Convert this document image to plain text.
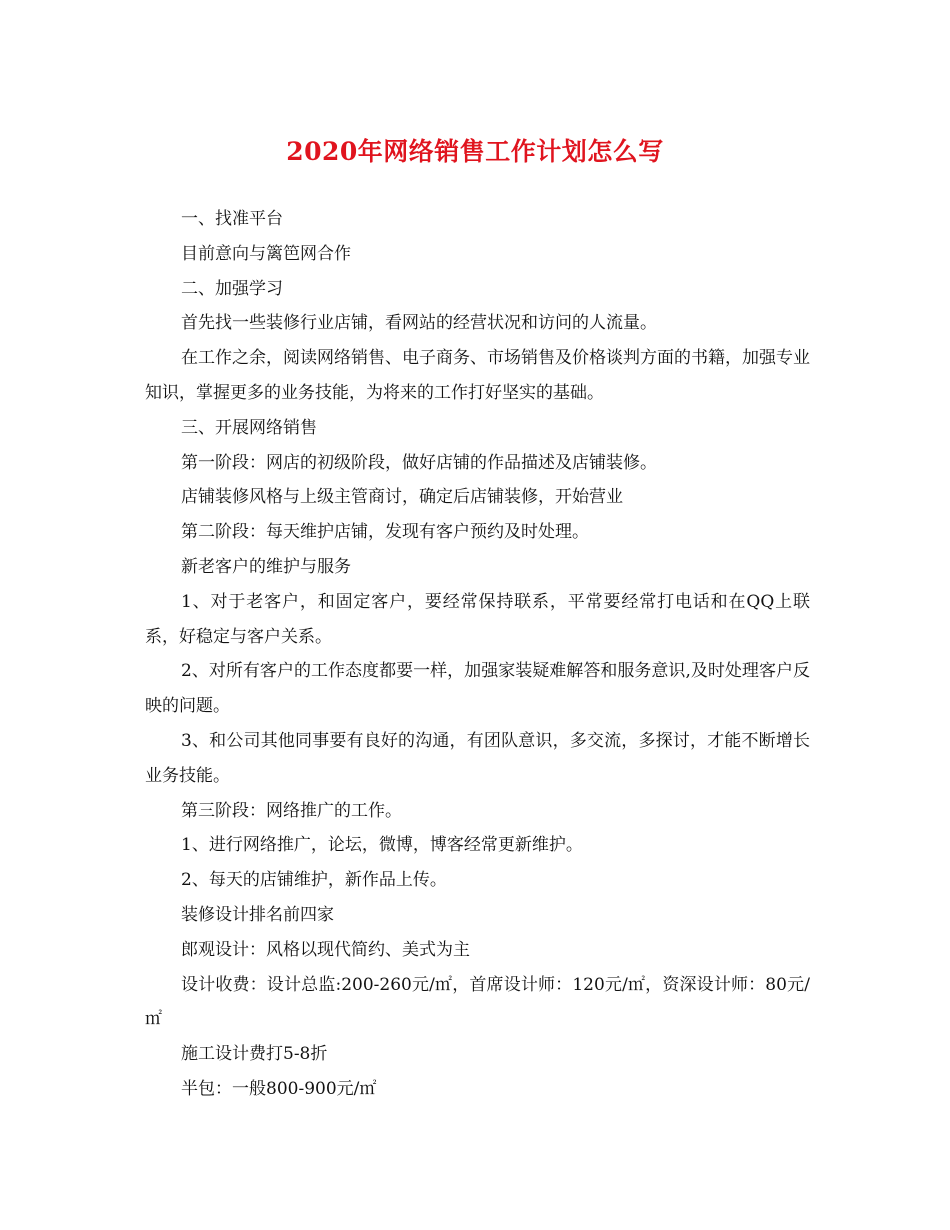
2020年网络销售工作计划怎么写

一、找准平台

目前意向与篱笆网合作

二、加强学习

首先找一些装修行业店铺，看网站的经营状况和访问的人流量。

在工作之余，阅读网络销售、电子商务、市场销售及价格谈判方面的书籍，加强专业知识，掌握更多的业务技能，为将来的工作打好坚实的基础。

三、开展网络销售

第一阶段：网店的初级阶段，做好店铺的作品描述及店铺装修。

店铺装修风格与上级主管商讨，确定后店铺装修，开始营业

第二阶段：每天维护店铺，发现有客户预约及时处理。

新老客户的维护与服务

1、对于老客户，和固定客户，要经常保持联系，平常要经常打电话和在QQ上联系，好稳定与客户关系。

2、对所有客户的工作态度都要一样，加强家装疑难解答和服务意识,及时处理客户反映的问题。

3、和公司其他同事要有良好的沟通，有团队意识，多交流，多探讨，才能不断增长业务技能。

第三阶段：网络推广的工作。

1、进行网络推广，论坛，微博，博客经常更新维护。

2、每天的店铺维护，新作品上传。

装修设计排名前四家

郎观设计：风格以现代简约、美式为主

设计收费：设计总监:200-260元/㎡，首席设计师：120元/㎡，资深设计师：80元/㎡

施工设计费打5-8折

半包：一般800-900元/㎡
